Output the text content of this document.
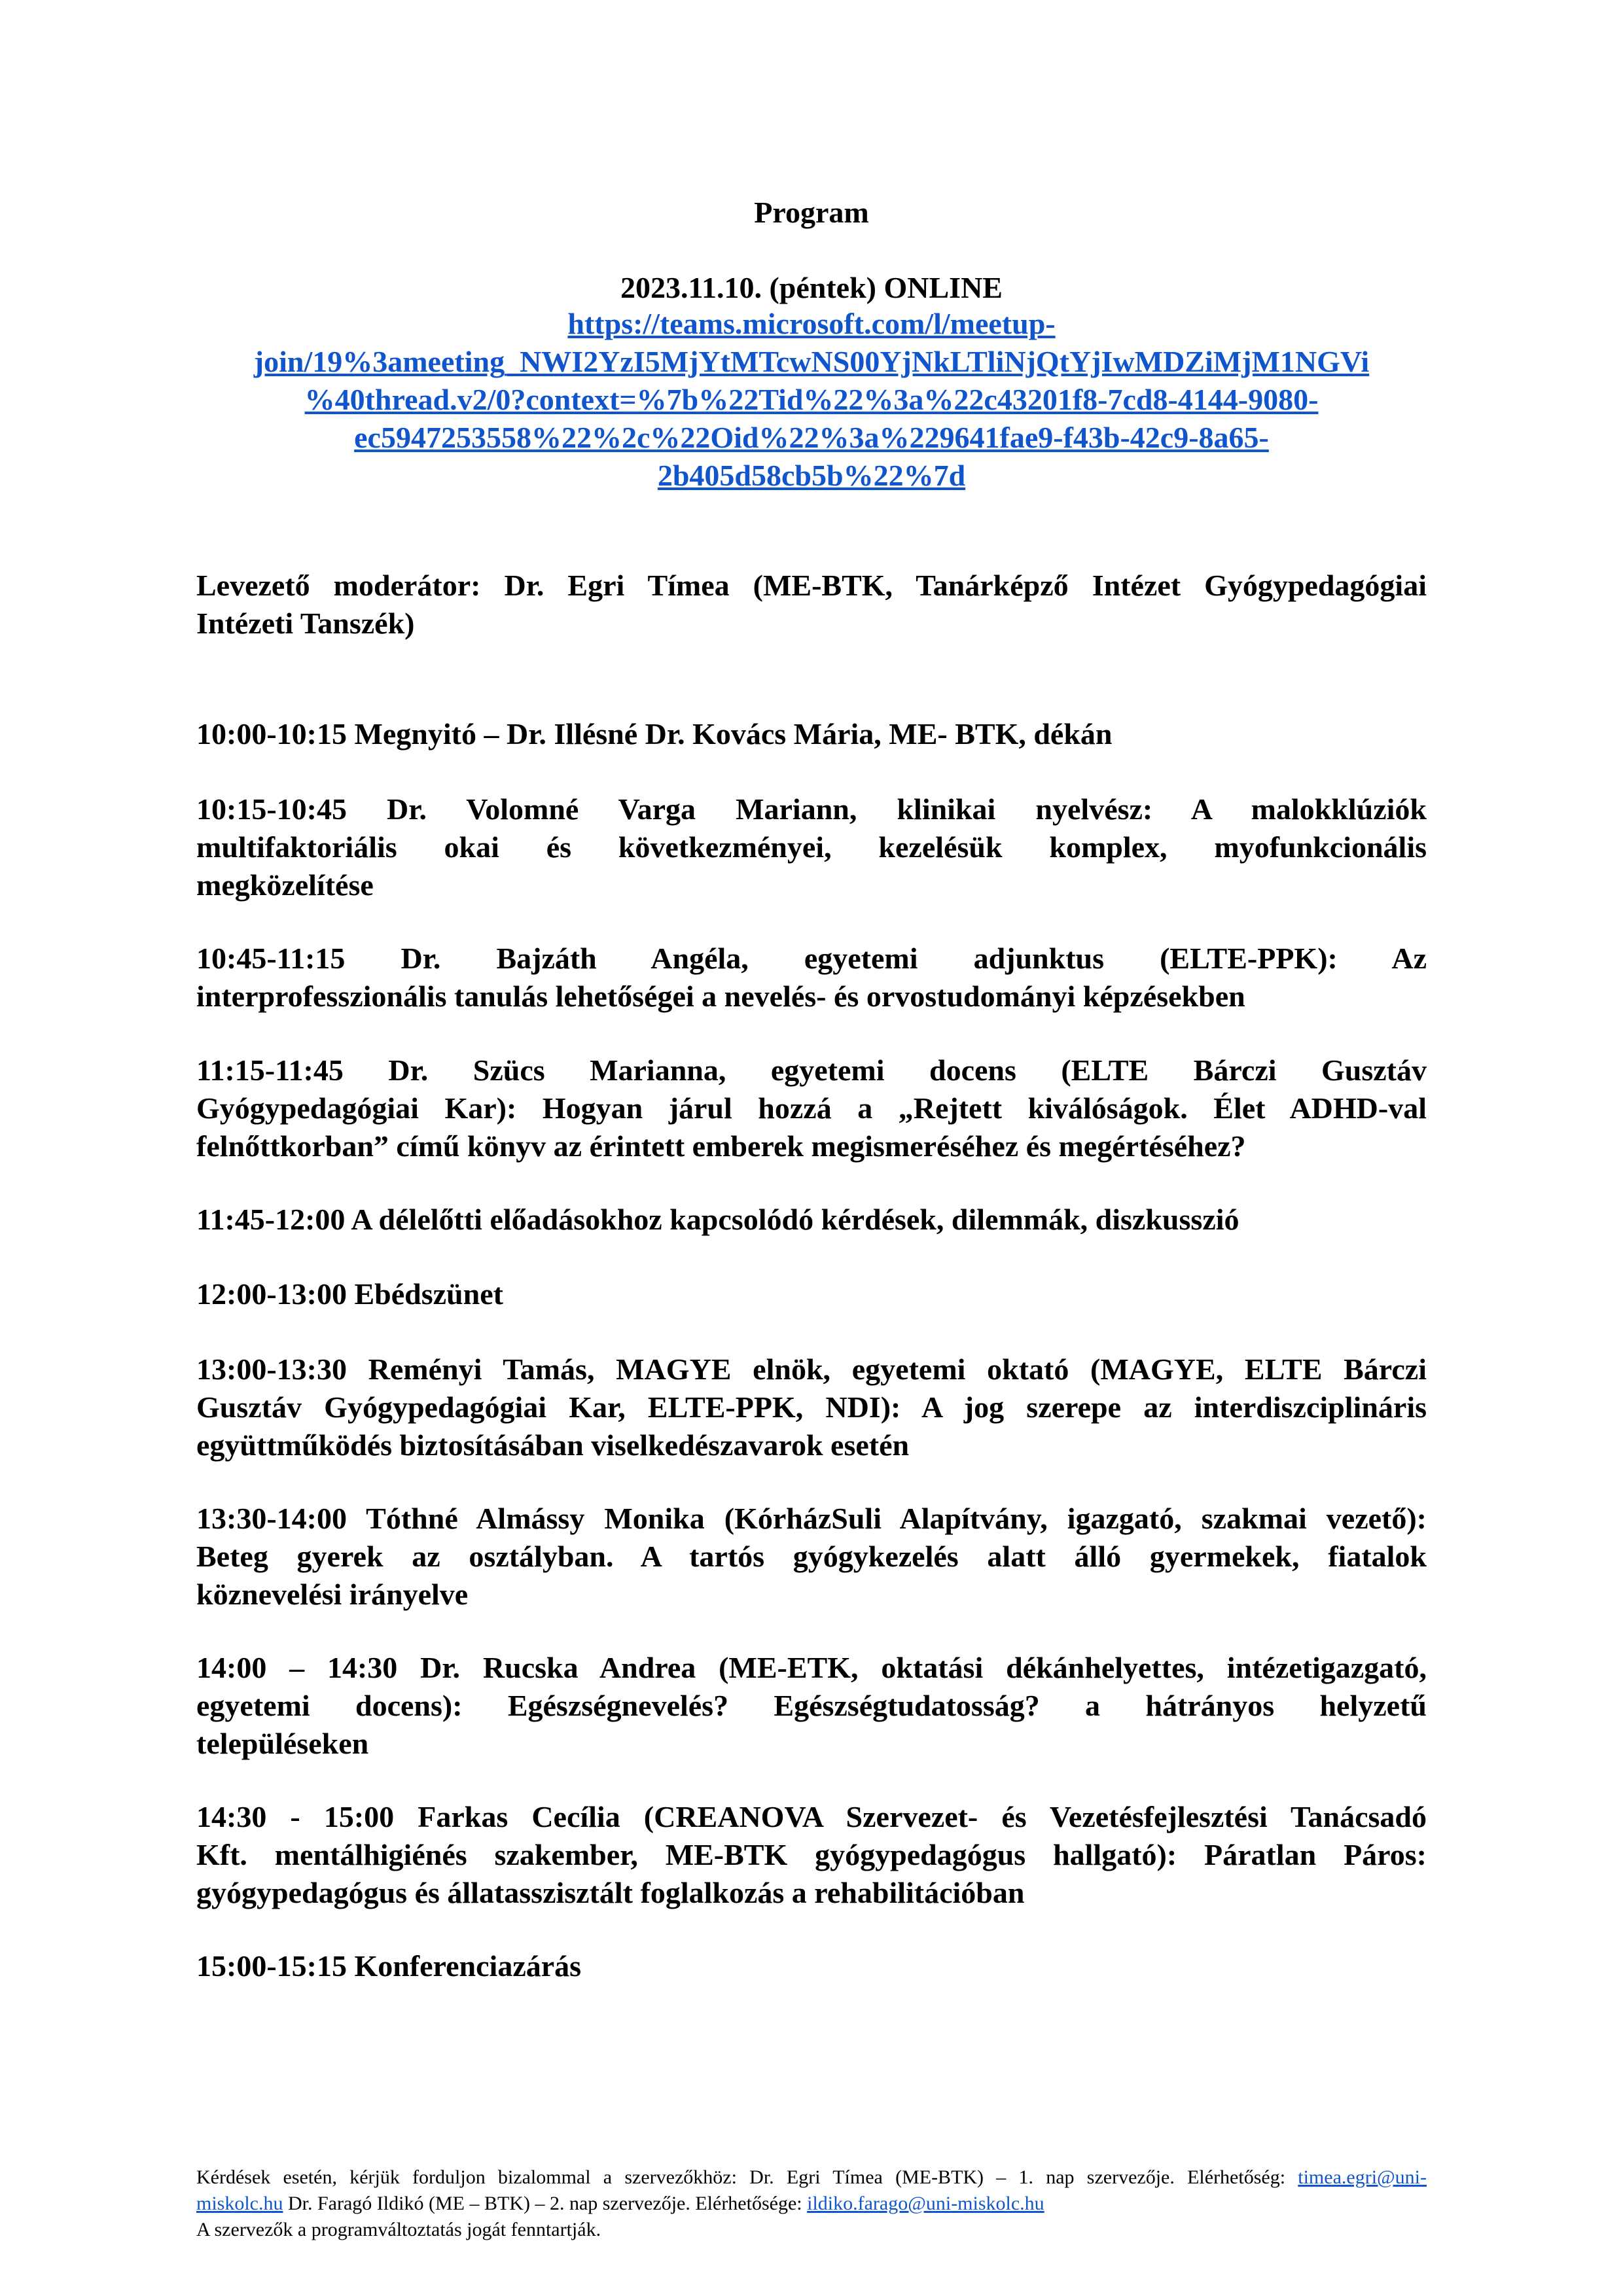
Program
2023.11.10. (péntek) ONLINE
https://teams.microsoft.com/l/meetup-
join/19%3ameeting_NWI2YzI5MjYtMTcwNS00YjNkLTliNjQtYjIwMDZiMjM1NGVi
%40thread.v2/0?context=%7b%22Tid%22%3a%22c43201f8-7cd8-4144-9080-
ec5947253558%22%2c%22Oid%22%3a%229641fae9-f43b-42c9-8a65-
2b405d58cb5b%22%7d
Levezető moderátor: Dr. Egri Tímea (ME-BTK, Tanárképző Intézet Gyógypedagógiai
Intézeti Tanszék)
10:00-10:15 Megnyitó – Dr. Illésné Dr. Kovács Mária, ME- BTK, dékán
10:15-10:45 Dr. Volomné Varga Mariann, klinikai nyelvész: A malokklúziók
multifaktoriális okai és következményei, kezelésük komplex, myofunkcionális
megközelítése
10:45-11:15 Dr. Bajzáth Angéla, egyetemi adjunktus (ELTE-PPK): Az
interprofesszionális tanulás lehetőségei a nevelés- és orvostudományi képzésekben
11:15-11:45 Dr. Szücs Marianna, egyetemi docens (ELTE Bárczi Gusztáv
Gyógypedagógiai Kar): Hogyan járul hozzá a „Rejtett kiválóságok. Élet ADHD-val
felnőttkorban” című könyv az érintett emberek megismeréséhez és megértéséhez?
11:45-12:00 A délelőtti előadásokhoz kapcsolódó kérdések, dilemmák, diszkusszió
12:00-13:00 Ebédszünet
13:00-13:30 Reményi Tamás, MAGYE elnök, egyetemi oktató (MAGYE, ELTE Bárczi
Gusztáv Gyógypedagógiai Kar, ELTE-PPK, NDI): A jog szerepe az interdiszciplináris
együttműködés biztosításában viselkedészavarok esetén
13:30-14:00 Tóthné Almássy Monika (KórházSuli Alapítvány, igazgató, szakmai vezető):
Beteg gyerek az osztályban. A tartós gyógykezelés alatt álló gyermekek, fiatalok
köznevelési irányelve
14:00 – 14:30 Dr. Rucska Andrea (ME-ETK, oktatási dékánhelyettes, intézetigazgató,
egyetemi docens): Egészségnevelés? Egészségtudatosság? a hátrányos helyzetű
településeken
14:30 - 15:00 Farkas Cecília (CREANOVA Szervezet- és Vezetésfejlesztési Tanácsadó
Kft. mentálhigiénés szakember, ME-BTK gyógypedagógus hallgató): Páratlan Páros:
gyógypedagógus és állatasszisztált foglalkozás a rehabilitációban
15:00-15:15 Konferenciazárás
Kérdések esetén, kérjük forduljon bizalommal a szervezőkhöz: Dr. Egri Tímea (ME-BTK) – 1. nap szervezője. Elérhetőség: timea.egri@uni-
miskolc.hu Dr. Faragó Ildikó (ME – BTK) – 2. nap szervezője. Elérhetősége: ildiko.farago@uni-miskolc.hu
A szervezők a programváltoztatás jogát fenntartják.
